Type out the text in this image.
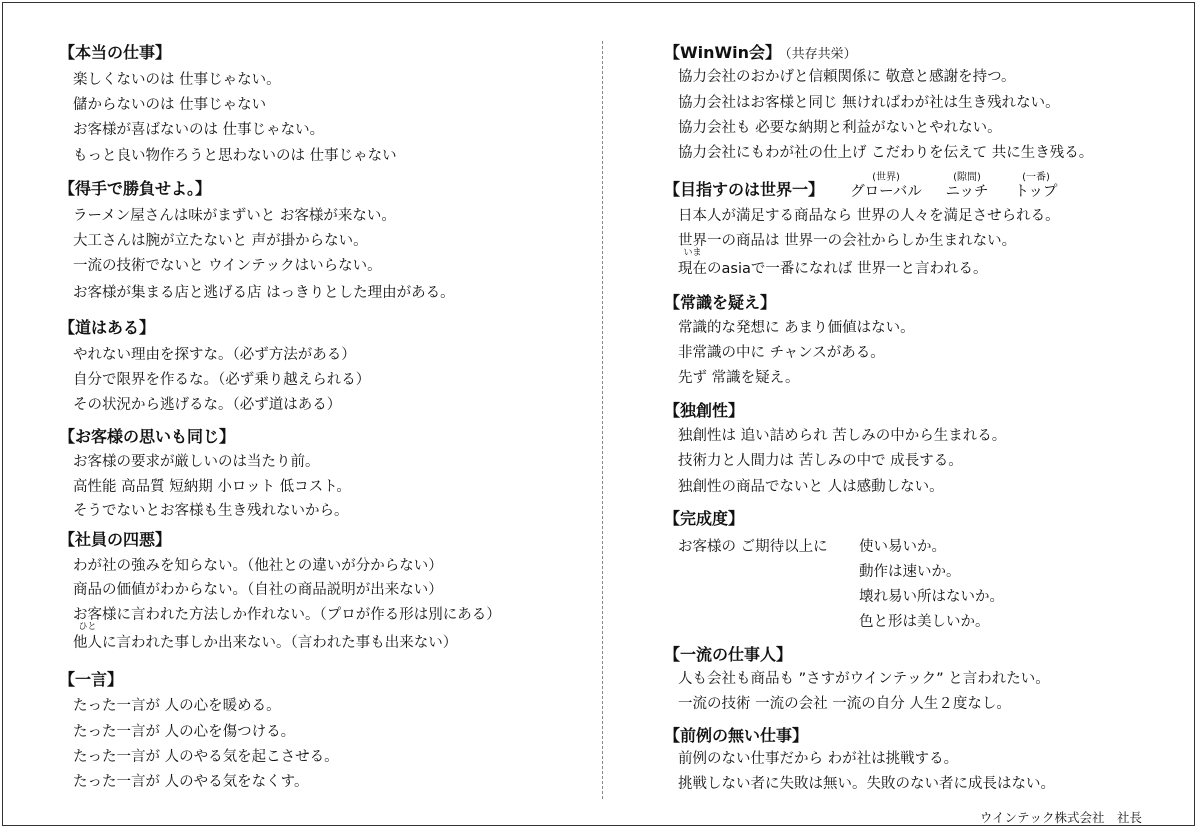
【本当の仕事】
楽しくないのは 仕事じゃない。
儲からないのは 仕事じゃない
お客様が喜ばないのは 仕事じゃない。
もっと良い物作ろうと思わないのは 仕事じゃない
【得手で勝負せよ。】
ラーメン屋さんは味がまずいと お客様が来ない。
大工さんは腕が立たないと 声が掛からない。
一流の技術でないと ウインテックはいらない。
お客様が集まる店と逃げる店 はっきりとした理由がある。
【道はある】
やれない理由を探すな。（必ず方法がある）
自分で限界を作るな。（必ず乗り越えられる）
その状況から逃げるな。（必ず道はある）
【お客様の思いも同じ】
お客様の要求が厳しいのは当たり前。
高性能 高品質 短納期 小ロット 低コスト。
そうでないとお客様も生き残れないから。
【社員の四悪】
わが社の強みを知らない。（他社との違いが分からない）
商品の価値がわからない。（自社の商品説明が出来ない）
お客様に言われた方法しか作れない。（プロが作る形は別にある）
ひと
他人に言われた事しか出来ない。（言われた事も出来ない）
【一言】
たった一言が 人の心を暖める。
たった一言が 人の心を傷つける。
たった一言が 人のやる気を起こさせる。
たった一言が 人のやる気をなくす。
【WinWin会】 （共存共栄）
協力会社のおかげと信頼関係に 敬意と感謝を持つ。
協力会社はお客様と同じ 無ければわが社は生き残れない。
協力会社も 必要な納期と利益がないとやれない。
協力会社にもわが社の仕上げ こだわりを伝えて 共に生き残る。
【目指すのは世界一】
(世界)
グローバル
(隙間)
ニッチ
(一番)
トップ
日本人が満足する商品なら 世界の人々を満足させられる。
世界一の商品は 世界一の会社からしか生まれない。
いま
現在のasiaで一番になれば 世界一と言われる。
【常識を疑え】
常識的な発想に あまり価値はない。
非常識の中に チャンスがある。
先ず 常識を疑え。
【独創性】
独創性は 追い詰められ 苦しみの中から生まれる。
技術力と人間力は 苦しみの中で 成長する。
独創性の商品でないと 人は感動しない。
【完成度】
お客様の ご期待以上に 使い易いか。
動作は速いか。
壊れ易い所はないか。
色と形は美しいか。
【一流の仕事人】
人も会社も商品も ”さすがウインテック” と言われたい。
一流の技術 一流の会社 一流の自分 人生２度なし。
【前例の無い仕事】
前例のない仕事だから わが社は挑戦する。
挑戦しない者に失敗は無い。失敗のない者に成長はない。
ウインテック株式会社　社長
